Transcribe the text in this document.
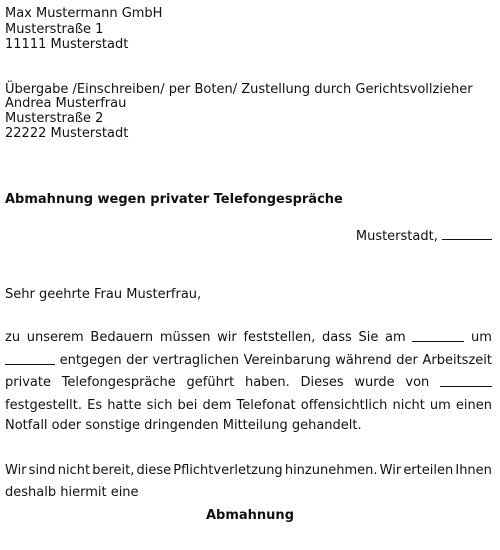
Max Mustermann GmbH
Musterstraße 1
11111 Musterstadt
Übergabe /Einschreiben/ per Boten/ Zustellung durch Gerichtsvollzieher
Andrea Musterfrau
Musterstraße 2
22222 Musterstadt
Abmahnung wegen privater Telefongespräche
Musterstadt,
Sehr geehrte Frau Musterfrau,
zu unserem Bedauern müssen wir feststellen, dass Sie am	um
entgegen der vertraglichen Vereinbarung während der Arbeitszeit
private Telefongespräche geführt haben. Dieses wurde von
festgestellt. Es hatte sich bei dem Telefonat offensichtlich nicht um einen
Notfall oder sonstige dringenden Mitteilung gehandelt.
Wir sind nicht bereit, diese Pflichtverletzung hinzunehmen. Wir erteilen Ihnen
deshalb hiermit eine
Abmahnung
